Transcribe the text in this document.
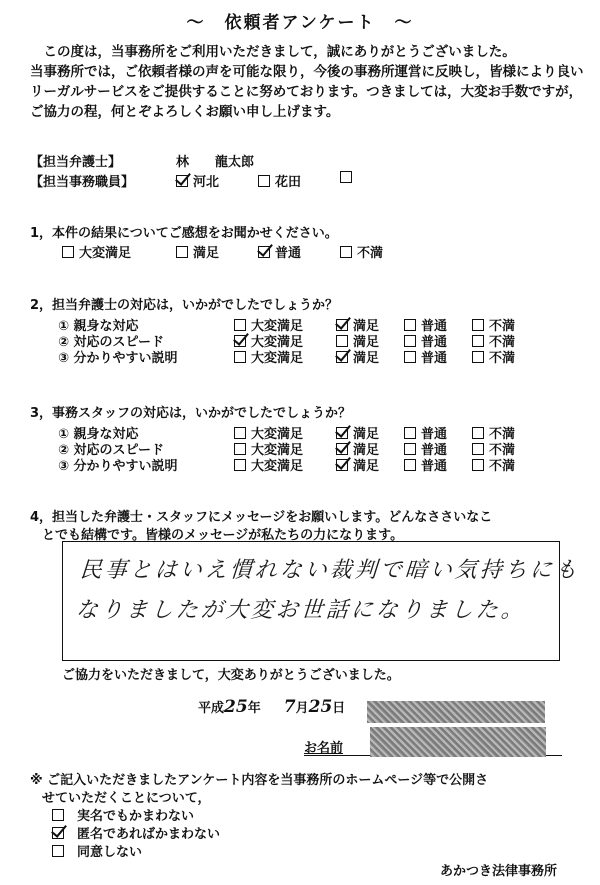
〜　依頼者アンケート　〜

この度は，当事務所をご利用いただきまして，誠にありがとうございました。

当事務所では，ご依頼者様の声を可能な限り，今後の事務所運営に反映し，皆様により良いリーガルサービスをご提供することに努めております。つきましては，大変お手数ですが，ご協力の程，何とぞよろしくお願い申し上げます。

【担当弁護士】	林　　龍太郎
【担当事務職員】	河北	花田
1，本件の結果についてご感想をお聞かせください。
大変満足	満足	普通	不満
2，担当弁護士の対応は，いかがでしたでしょうか？
① 親身な対応	大変満足	満足	普通	不満
② 対応のスピード	大変満足	満足	普通	不満
③ 分かりやすい説明	大変満足	満足	普通	不満
3，事務スタッフの対応は，いかがでしたでしょうか？
① 親身な対応	大変満足	満足	普通	不満
② 対応のスピード	大変満足	満足	普通	不満
③ 分かりやすい説明	大変満足	満足	普通	不満
4，担当した弁護士・スタッフにメッセージをお願いします。どんなささいなこ
とでも結構です。皆様のメッセージが私たちの力になります。
民事とはいえ慣れない裁判で暗い気持ちにも
なりましたが大変お世話になりました。
ご協力をいただきまして，大変ありがとうございました。
平成25年 7月25日
お名前
※ ご記入いただきましたアンケート内容を当事務所のホームページ等で公開さ
せていただくことについて，
実名でもかまわない
匿名であればかまわない
同意しない
あかつき法律事務所
